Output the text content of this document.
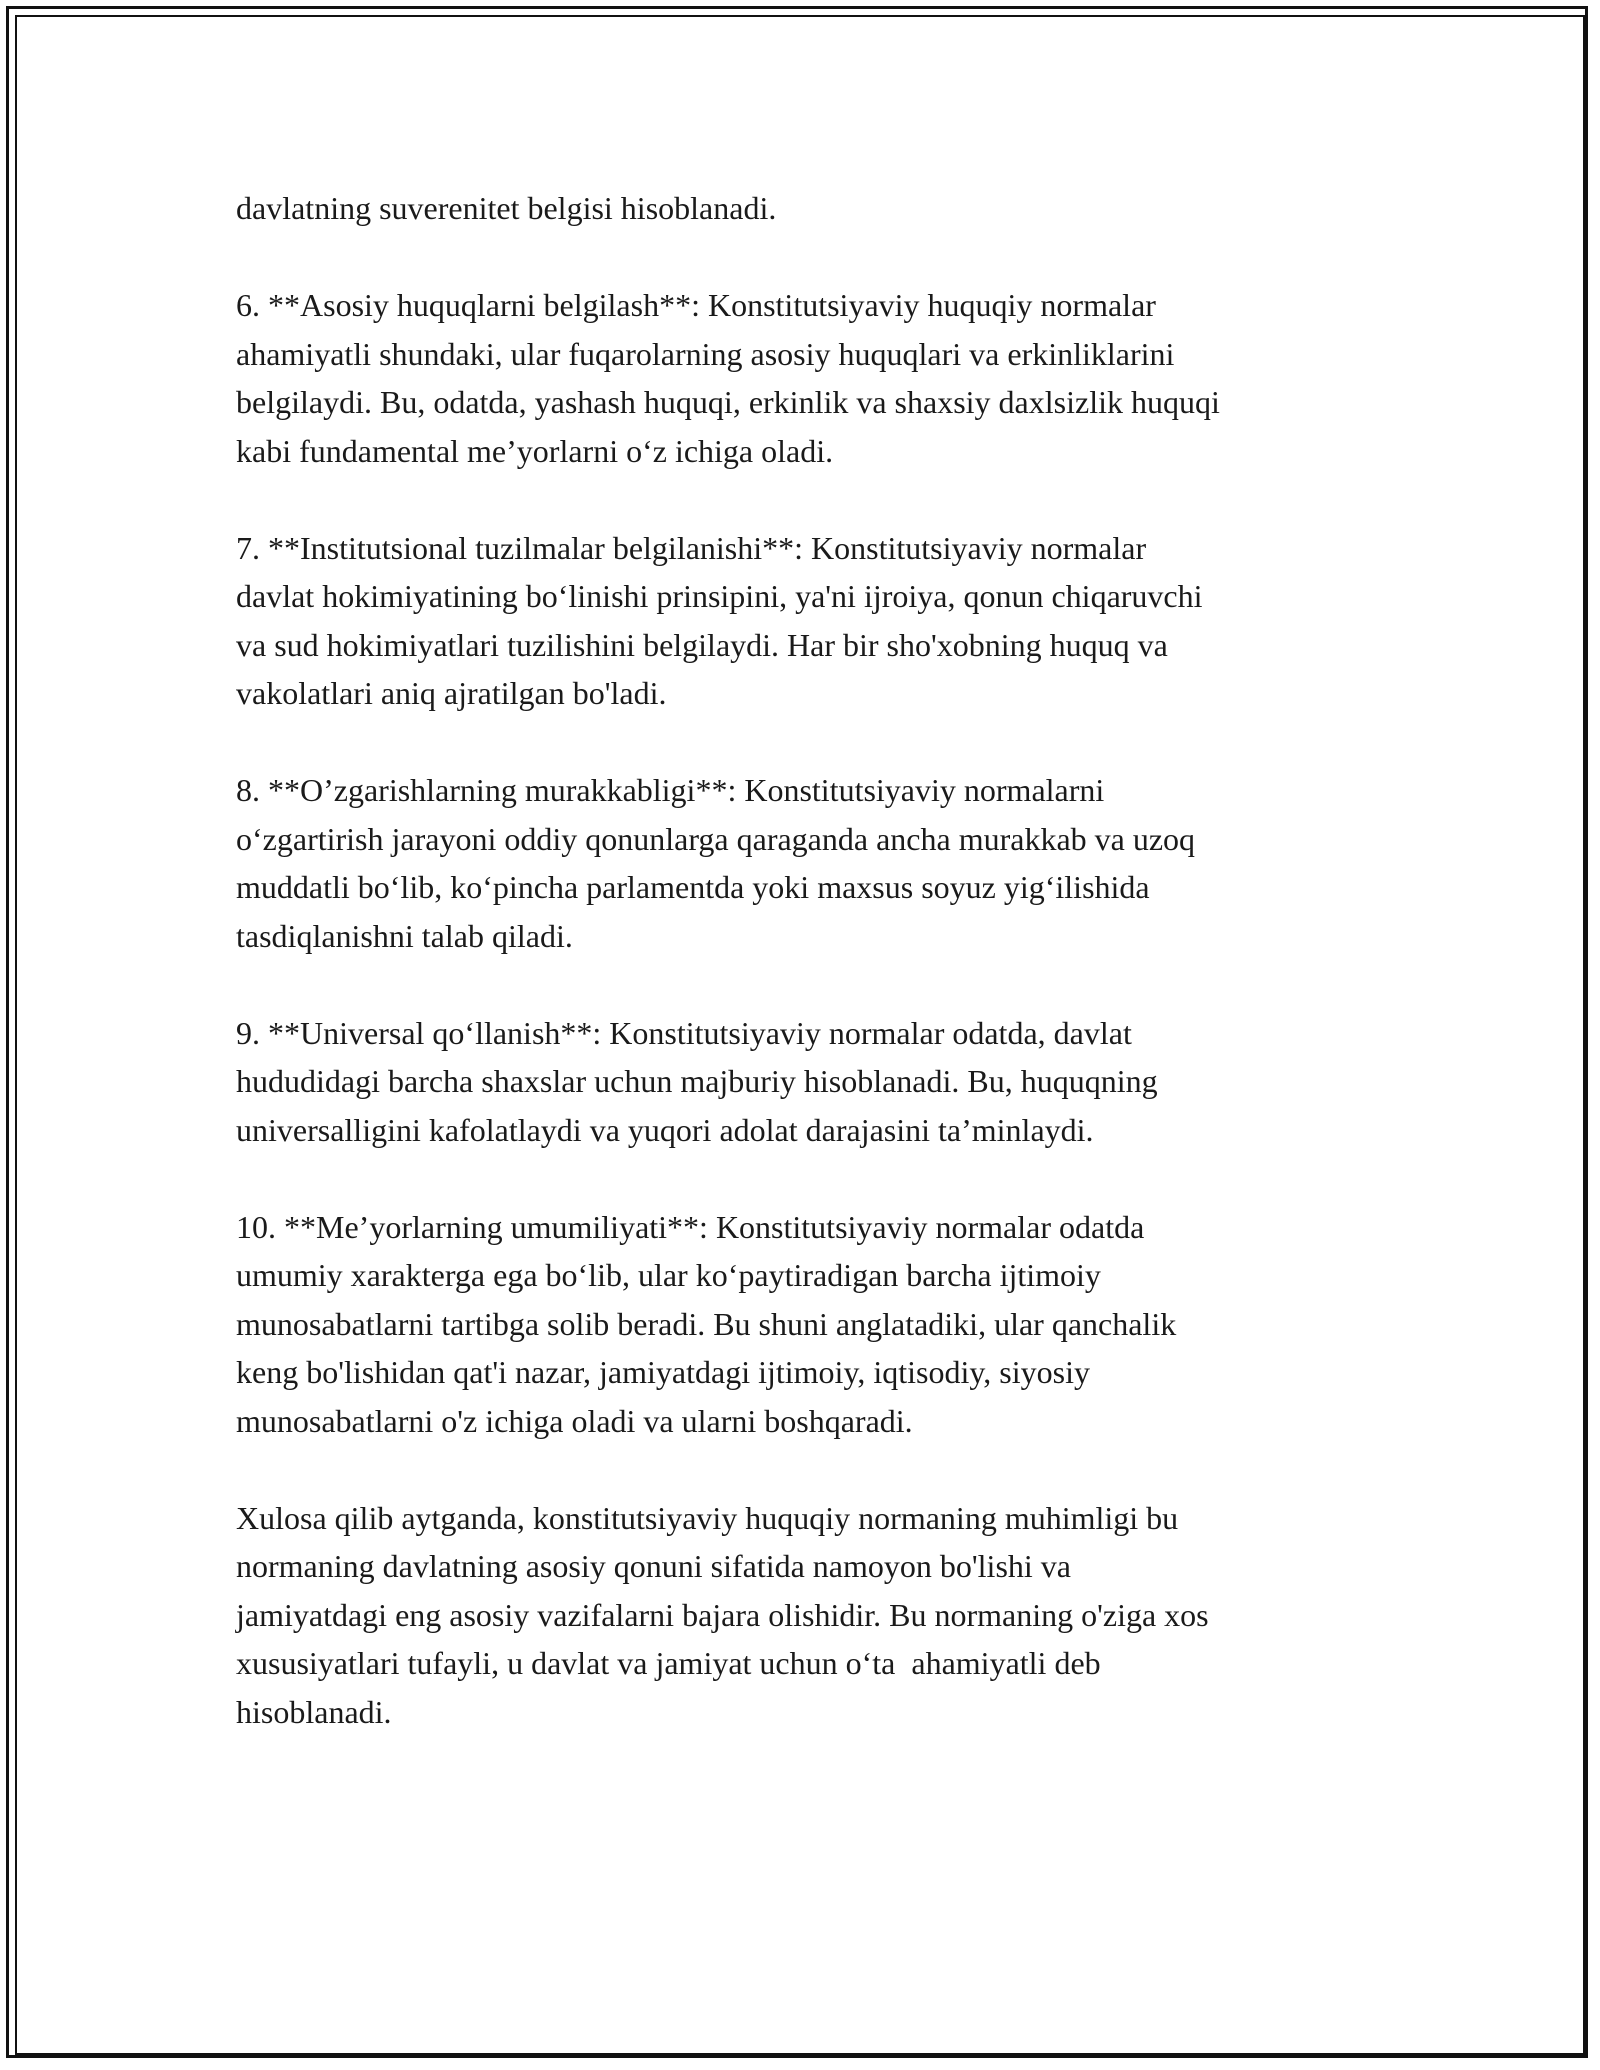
davlatning suverenitet belgisi hisoblanadi.

6. **Asosiy huquqlarni belgilash**: Konstitutsiyaviy huquqiy normalar
ahamiyatli shundaki, ular fuqarolarning asosiy huquqlari va erkinliklarini
belgilaydi. Bu, odatda, yashash huquqi, erkinlik va shaxsiy daxlsizlik huquqi
kabi fundamental me’yorlarni o‘z ichiga oladi.

7. **Institutsional tuzilmalar belgilanishi**: Konstitutsiyaviy normalar
davlat hokimiyatining bo‘linishi prinsipini, ya'ni ijroiya, qonun chiqaruvchi
va sud hokimiyatlari tuzilishini belgilaydi. Har bir sho'xobning huquq va
vakolatlari aniq ajratilgan bo'ladi.

8. **O’zgarishlarning murakkabligi**: Konstitutsiyaviy normalarni
o‘zgartirish jarayoni oddiy qonunlarga qaraganda ancha murakkab va uzoq
muddatli bo‘lib, ko‘pincha parlamentda yoki maxsus soyuz yig‘ilishida
tasdiqlanishni talab qiladi.

9. **Universal qo‘llanish**: Konstitutsiyaviy normalar odatda, davlat
hududidagi barcha shaxslar uchun majburiy hisoblanadi. Bu, huquqning
universalligini kafolatlaydi va yuqori adolat darajasini ta’minlaydi.

10. **Me’yorlarning umumiliyati**: Konstitutsiyaviy normalar odatda
umumiy xarakterga ega bo‘lib, ular ko‘paytiradigan barcha ijtimoiy
munosabatlarni tartibga solib beradi. Bu shuni anglatadiki, ular qanchalik
keng bo'lishidan qat'i nazar, jamiyatdagi ijtimoiy, iqtisodiy, siyosiy
munosabatlarni o'z ichiga oladi va ularni boshqaradi.

Xulosa qilib aytganda, konstitutsiyaviy huquqiy normaning muhimligi bu
normaning davlatning asosiy qonuni sifatida namoyon bo'lishi va
jamiyatdagi eng asosiy vazifalarni bajara olishidir. Bu normaning o'ziga xos
xususiyatlari tufayli, u davlat va jamiyat uchun o‘ta  ahamiyatli deb
hisoblanadi.
